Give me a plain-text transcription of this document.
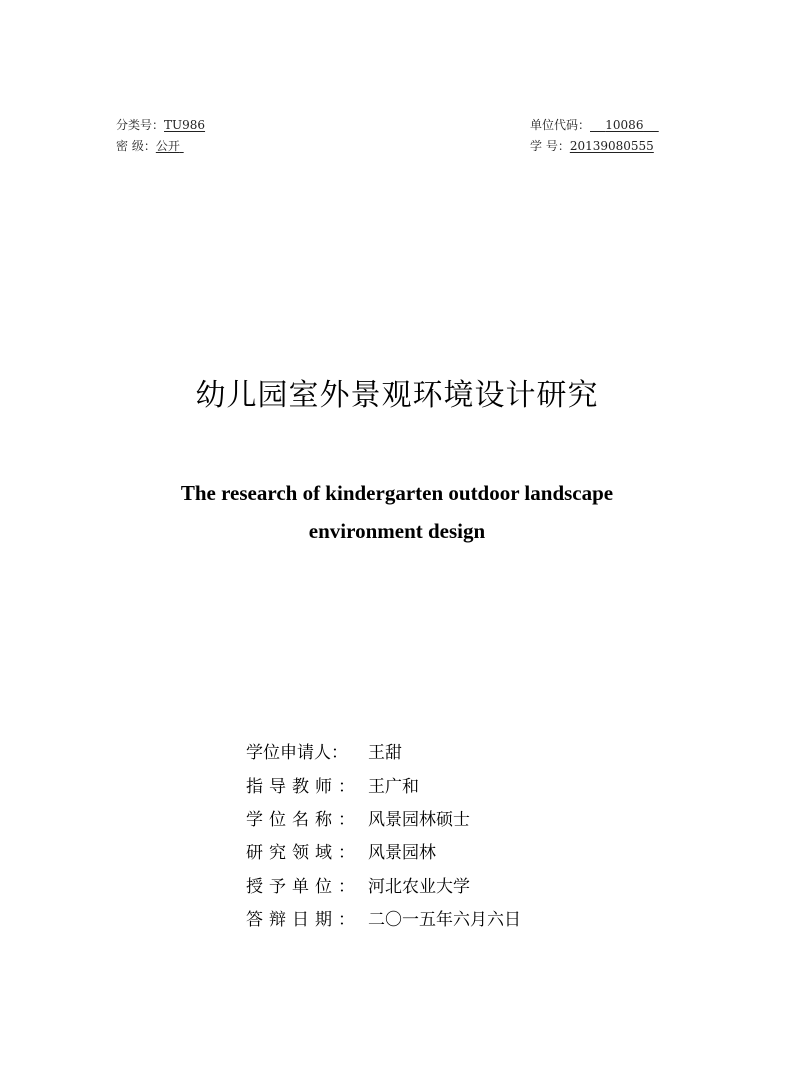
分类号：TU986
密 级：公开
单位代码： 10086
学 号：20139080555
幼儿园室外景观环境设计研究
The research of kindergarten outdoor landscape
environment design
学位申请人：	王甜
指导教师： 王广和
学位名称： 风景园林硕士
研究领域： 风景园林
授予单位： 河北农业大学
答辩日期： 二〇一五年六月六日
